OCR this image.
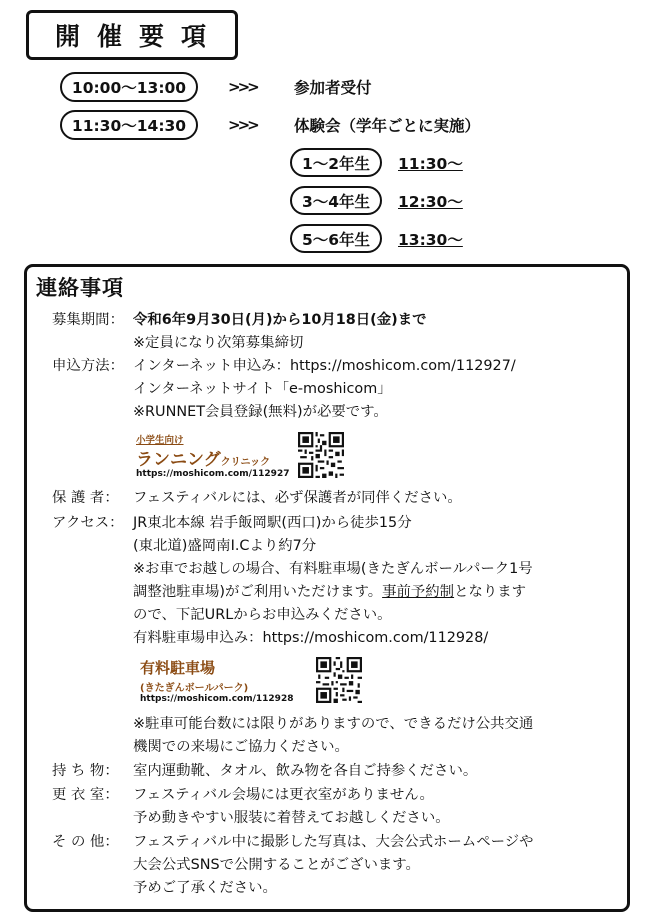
開催要項
10:00〜13:00	>>>	参加者受付
11:30〜14:30	>>>	体験会（学年ごとに実施）
1〜2年生	11:30〜
3〜4年生	12:30〜
5〜6年生	13:30〜
連絡事項
募集期間： 令和6年9月30日(月)から10月18日(金)まで
※定員になり次第募集締切
申込方法： インターネット申込み：https://moshicom.com/112927/
インターネットサイト「e-moshicom」
※RUNNET会員登録(無料)が必要です。
小学生向け
ランニングクリニック
https://moshicom.com/112927
保 護 者： フェスティバルには、必ず保護者が同伴ください。
アクセス： JR東北本線 岩手飯岡駅(西口)から徒歩15分
(東北道)盛岡南I.Cより約7分
※お車でお越しの場合、有料駐車場(きたぎんボールパーク1号
調整池駐車場)がご利用いただけます。事前予約制となります
ので、下記URLからお申込みください。
有料駐車場申込み：https://moshicom.com/112928/
有料駐車場
(きたぎんボールパーク)
https://moshicom.com/112928
※駐車可能台数には限りがありますので、できるだけ公共交通
機関での来場にご協力ください。
持 ち 物： 室内運動靴、タオル、飲み物を各自ご持参ください。
更 衣 室： フェスティバル会場には更衣室がありません。
予め動きやすい服装に着替えてお越しください。
そ の 他： フェスティバル中に撮影した写真は、大会公式ホームページや
大会公式SNSで公開することがございます。
予めご了承ください。
